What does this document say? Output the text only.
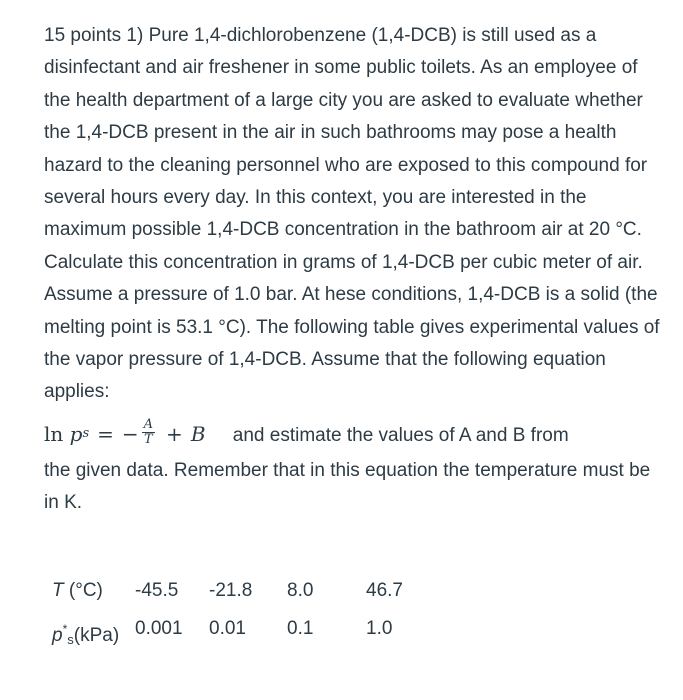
15 points 1) Pure 1,4-dichlorobenzene (1,4-DCB) is still used as a disinfectant and air freshener in some public toilets. As an employee of the health department of a large city you are asked to evaluate whether the 1,4-DCB present in the air in such bathrooms may pose a health hazard to the cleaning personnel who are exposed to this compound for several hours every day. In this context, you are interested in the maximum possible 1,4-DCB concentration in the bathroom air at 20 °C. Calculate this concentration in grams of 1,4-DCB per cubic meter of air. Assume a pressure of 1.0 bar. At hese conditions, 1,4-DCB is a solid (the melting point is 53.1 °C). The following table gives experimental values of the vapor pressure of 1,4-DCB. Assume that the following equation applies:

ln
p s = − $\frac{A}{T} + B$ and estimate the values of A and B from

the given data. Remember that in this equation the temperature must be in K.

T (°C) -45.5 -21.8 8.0	46.7
p*s(kPa) 0.001 0.01 0.1	1.0
